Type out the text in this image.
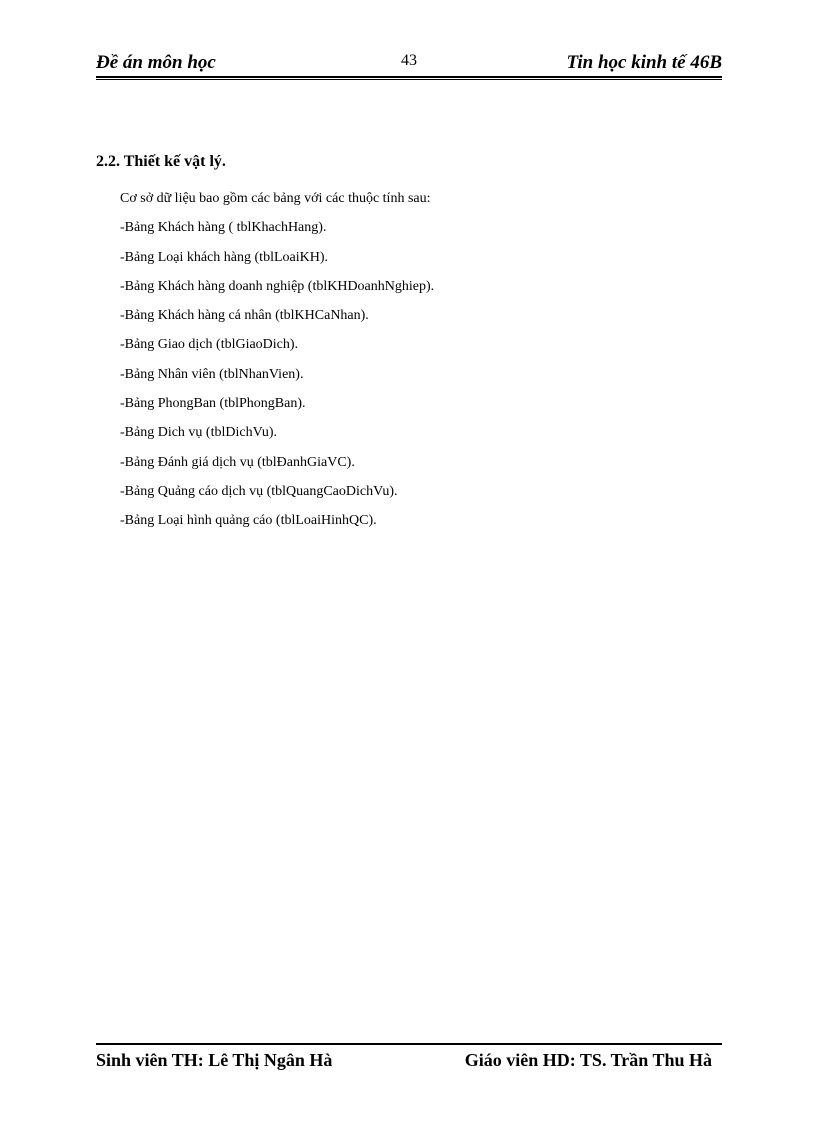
Đề án môn học	43	Tin học kinh tế 46B
2.2. Thiết kế vật lý.
Cơ sở dữ liệu bao gồm các bảng với các thuộc tính sau:
-Bảng Khách hàng ( tblKhachHang).
-Bảng Loại khách hàng (tblLoaiKH).
-Bảng Khách hàng doanh nghiệp (tblKHDoanhNghiep).
-Bảng Khách hàng cá nhân (tblKHCaNhan).
-Bảng Giao dịch (tblGiaoDich).
-Bảng Nhân viên (tblNhanVien).
-Bảng PhongBan (tblPhongBan).
-Bảng Dich vụ (tblDichVu).
-Bảng Đánh giá dịch vụ (tblĐanhGiaVC).
-Bảng Quảng cáo dịch vụ (tblQuangCaoDichVu).
-Bảng Loại hình quảng cáo (tblLoaiHinhQC).
Sinh viên TH: Lê Thị Ngân Hà	Giáo viên HD: TS. Trần Thu Hà
